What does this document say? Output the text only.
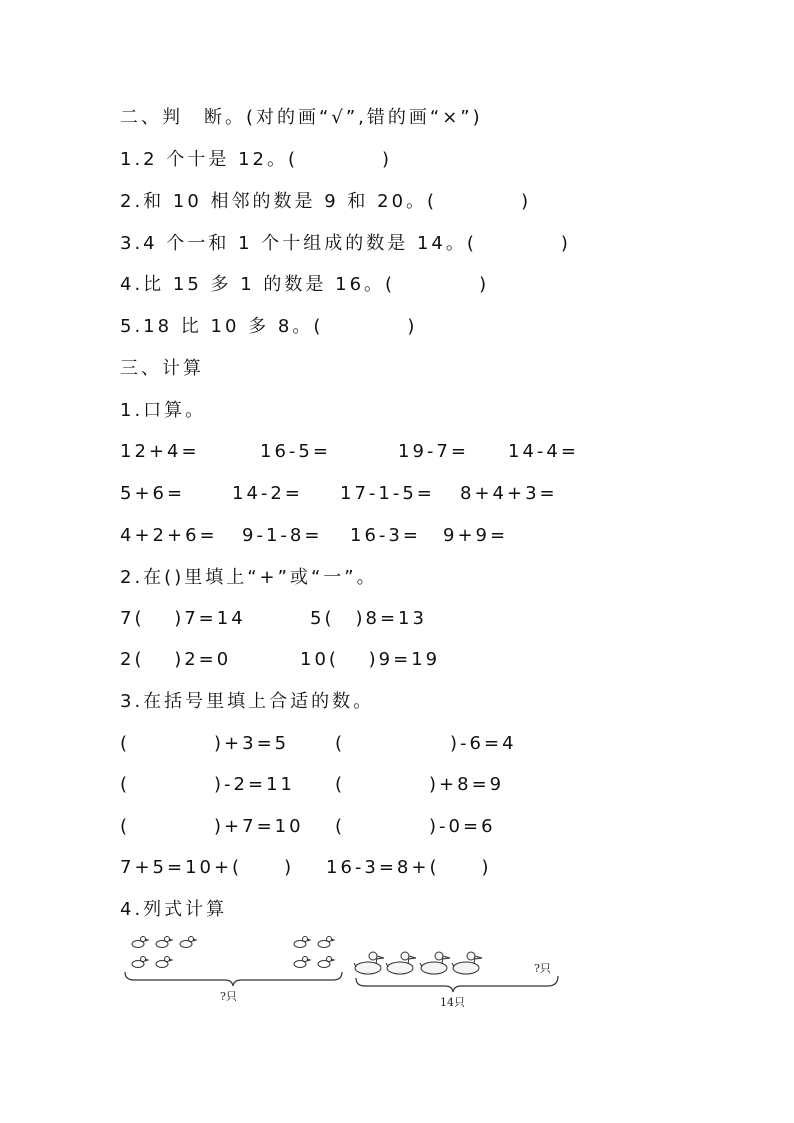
二、判　断。(对的画“√”,错的画“×”)
1.2 个十是 12。(　　　　)
2.和 10 相邻的数是 9 和 20。(　　　　)
3.4 个一和 1 个十组成的数是 14。(　　　　)
4.比 15 多 1 的数是 16。(　　　　)
5.18 比 10 多 8。(　　　　)
三、计算
1.口算。
12+4=	16-5=	19-7= 14-4=
5+6=	14-2= 17-1-5= 8+4+3=
4+2+6= 9-1-8= 16-3= 9+9=
2.在()里填上“+”或“一”。
7(　 )7=14	5(　)8=13
2(　 )2=0	10(　 )9=19
3.在括号里填上合适的数。
(　　　　)+3=5	(　　　　　)-6=4
(　　　　)-2=11 (　　　　)+8=9
(　　　　)+7=10 (　　　　)-0=6
7+5=10+(　　) 16-3=8+(　　)
4.列式计算
?只
?只
14只
